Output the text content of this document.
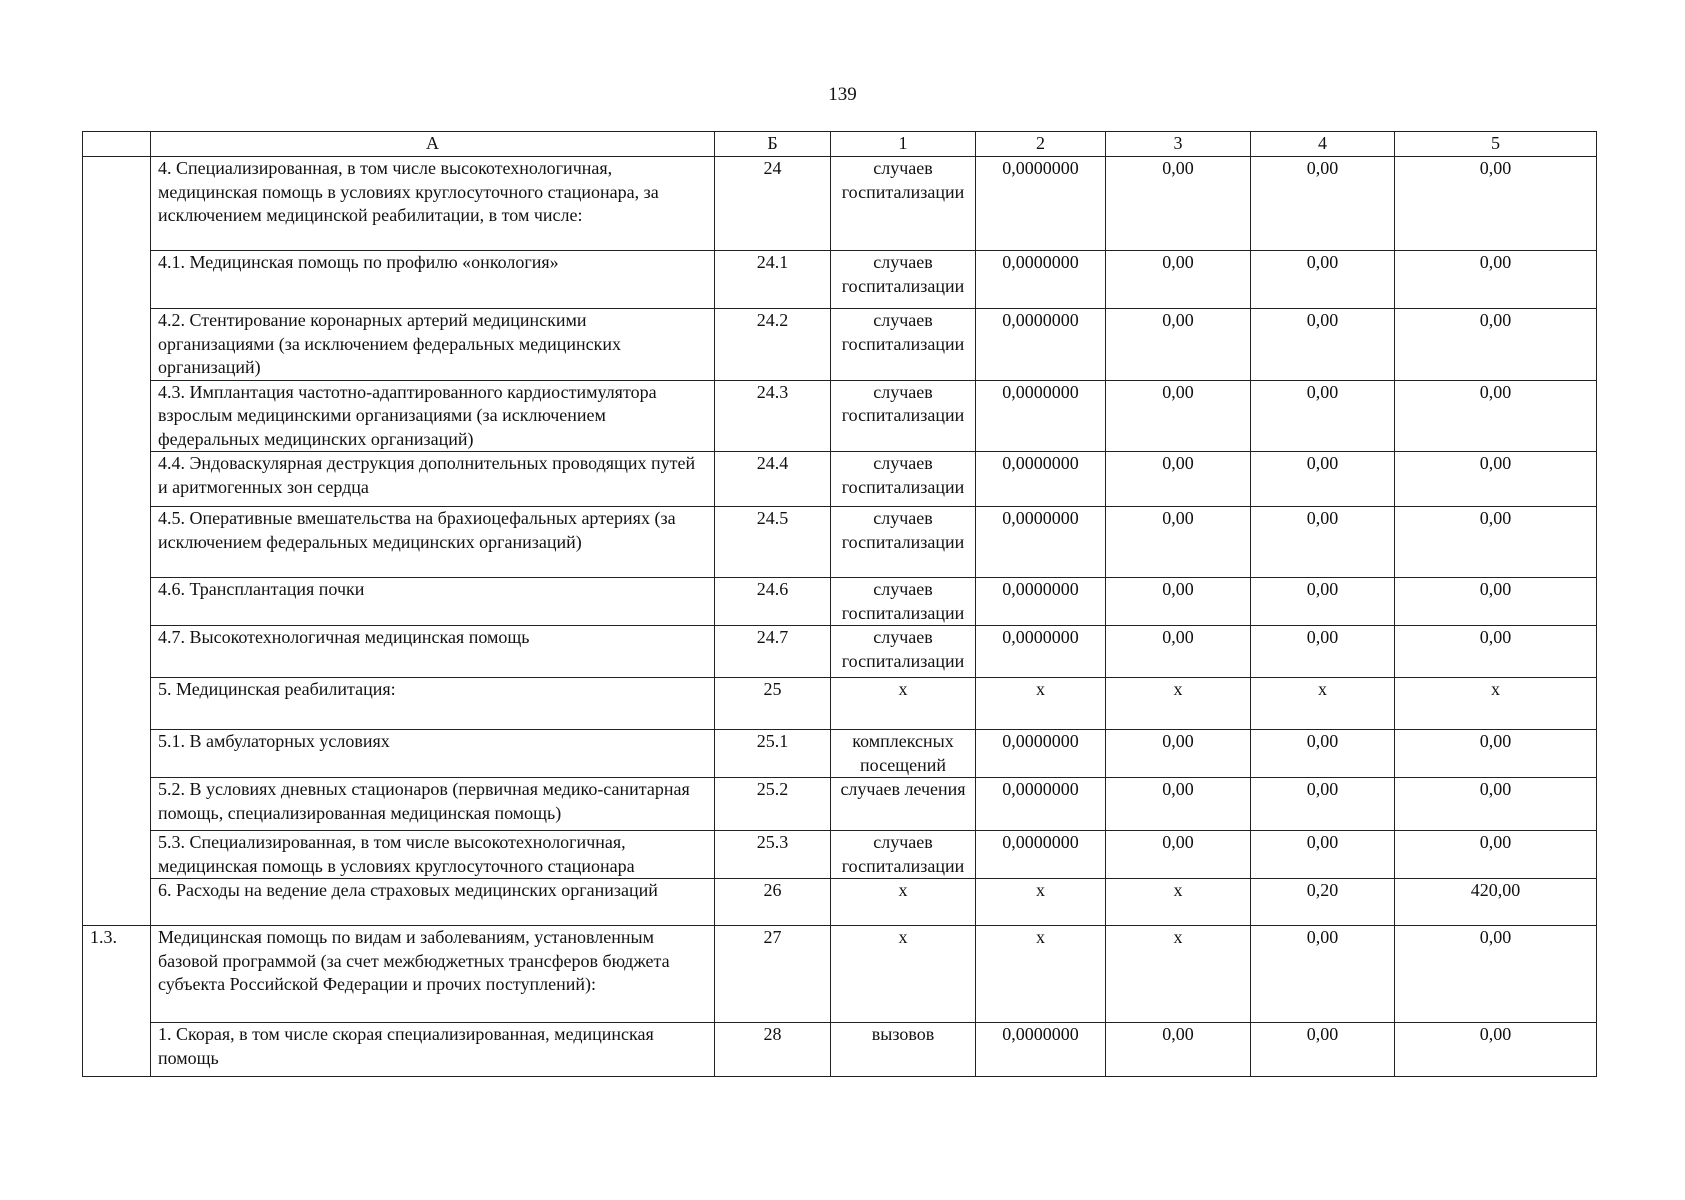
139
	А	Б	1	2	3	4	5
	4. Специализированная, в том числе высокотехнологичная, медицинская помощь в условиях круглосуточного стационара, за исключением медицинской реабилитации, в том числе:	24	случаев госпитализации	0,0000000	0,00	0,00	0,00
	4.1. Медицинская помощь по профилю «онкология»	24.1	случаев госпитализации	0,0000000	0,00	0,00	0,00
	4.2. Стентирование коронарных артерий медицинскими организациями (за исключением федеральных медицинских организаций)	24.2	случаев госпитализации	0,0000000	0,00	0,00	0,00
	4.3. Имплантация частотно-адаптированного кардиостимулятора взрослым медицинскими организациями (за исключением федеральных медицинских организаций)	24.3	случаев госпитализации	0,0000000	0,00	0,00	0,00
	4.4. Эндоваскулярная деструкция дополнительных проводящих путей и аритмогенных зон сердца	24.4	случаев госпитализации	0,0000000	0,00	0,00	0,00
	4.5. Оперативные вмешательства на брахиоцефальных артериях (за исключением федеральных медицинских организаций)	24.5	случаев госпитализации	0,0000000	0,00	0,00	0,00
	4.6. Трансплантация почки	24.6	случаев госпитализации	0,0000000	0,00	0,00	0,00
	4.7. Высокотехнологичная медицинская помощь	24.7	случаев госпитализации	0,0000000	0,00	0,00	0,00
	5. Медицинская реабилитация:	25	х	х	х	х	х
	5.1. В амбулаторных условиях	25.1	комплексных посещений	0,0000000	0,00	0,00	0,00
	5.2. В условиях дневных стационаров (первичная медико-санитарная помощь, специализированная медицинская помощь)	25.2	случаев лечения	0,0000000	0,00	0,00	0,00
	5.3. Специализированная, в том числе высокотехнологичная, медицинская помощь в условиях круглосуточного стационара	25.3	случаев госпитализации	0,0000000	0,00	0,00	0,00
	6. Расходы на ведение дела страховых медицинских организаций	26	х	х	х	0,20	420,00
1.3.	Медицинская помощь по видам и заболеваниям, установленным базовой программой (за счет межбюджетных трансферов бюджета субъекта Российской Федерации и прочих поступлений):	27	х	х	х	0,00	0,00
	1. Скорая, в том числе скорая специализированная, медицинская помощь	28	вызовов	0,0000000	0,00	0,00	0,00
